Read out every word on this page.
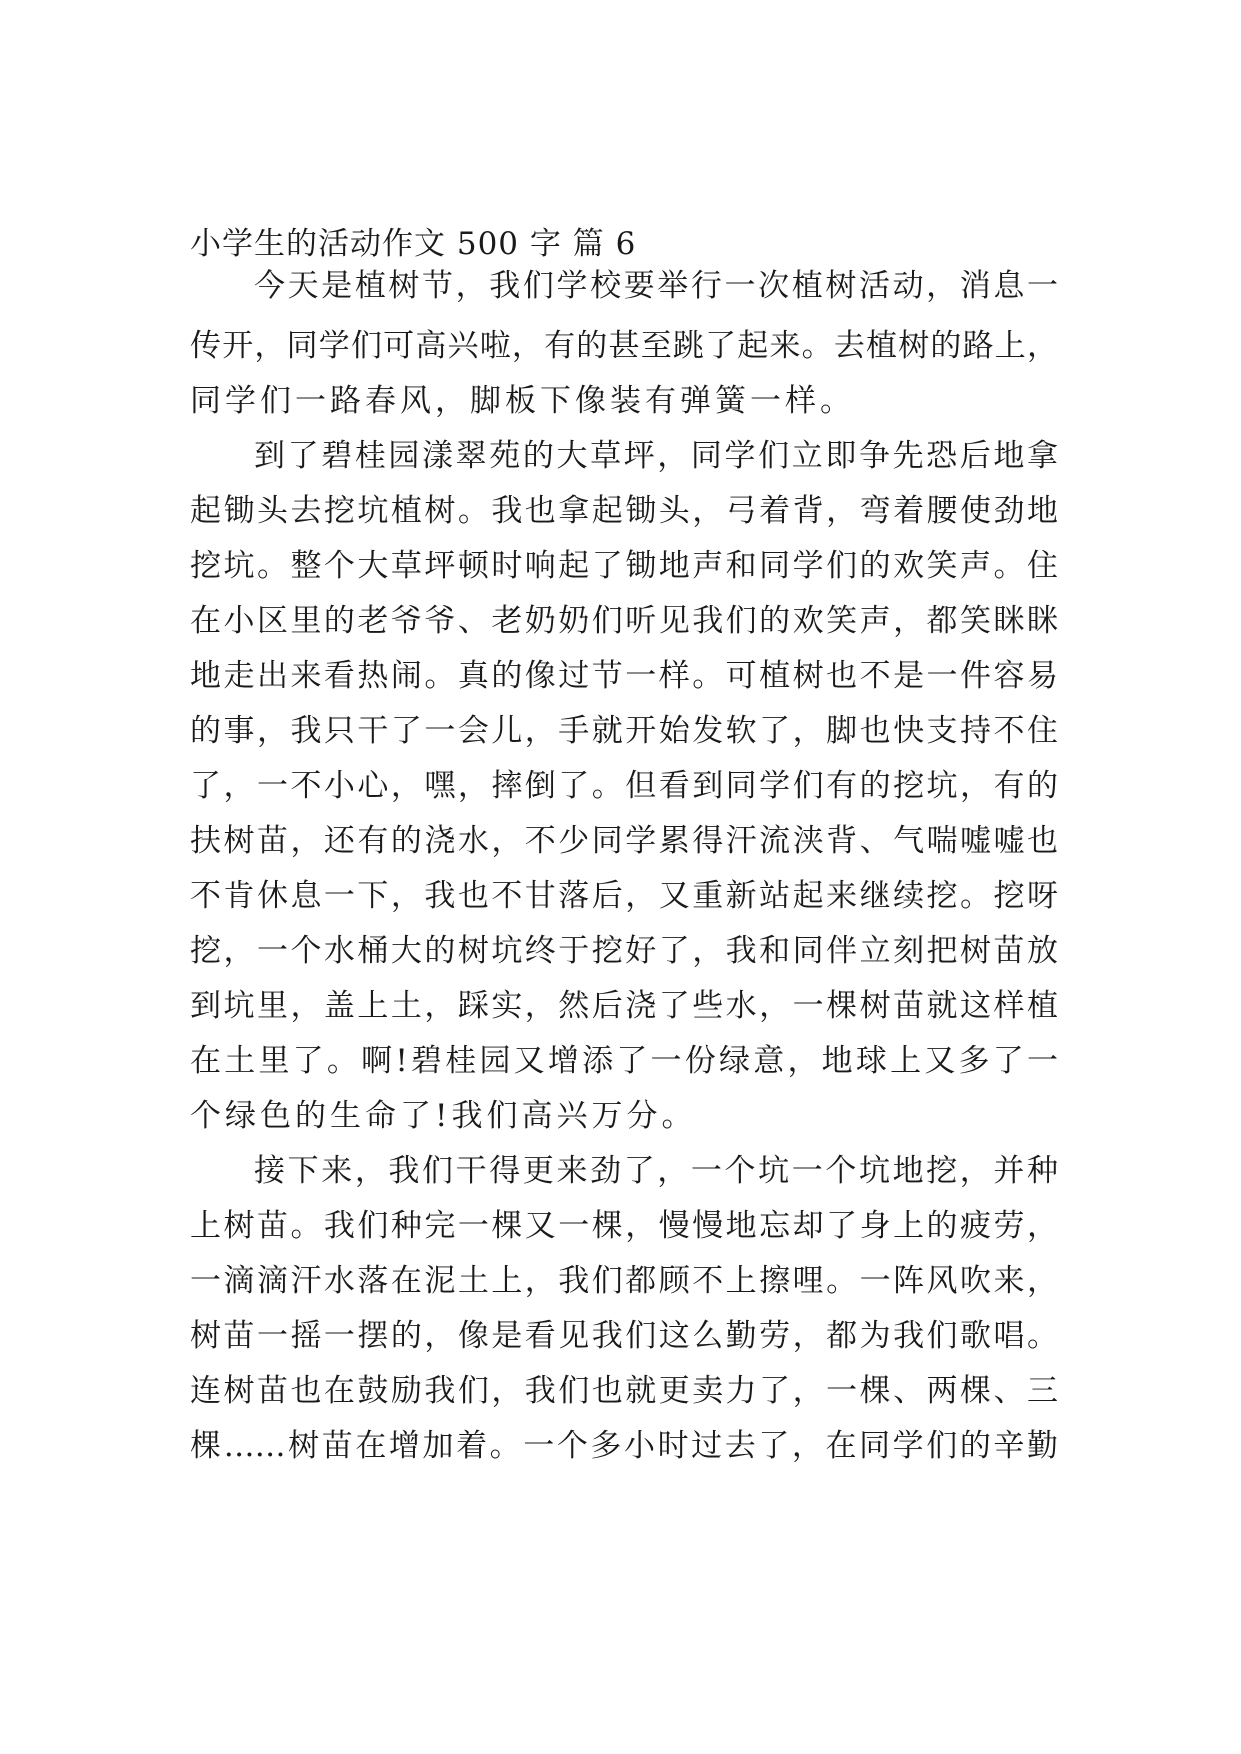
小学生的活动作文 500 字 篇 6
今天是植树节，我们学校要举行一次植树活动，消息一
传开，同学们可高兴啦，有的甚至跳了起来。去植树的路上，
同学们一路春风，脚板下像装有弹簧一样。
到了碧桂园漾翠苑的大草坪，同学们立即争先恐后地拿
起锄头去挖坑植树。我也拿起锄头，弓着背，弯着腰使劲地
挖坑。整个大草坪顿时响起了锄地声和同学们的欢笑声。住
在小区里的老爷爷、老奶奶们听见我们的欢笑声，都笑眯眯
地走出来看热闹。真的像过节一样。可植树也不是一件容易
的事，我只干了一会儿，手就开始发软了，脚也快支持不住
了，一不小心，嘿，摔倒了。但看到同学们有的挖坑，有的
扶树苗，还有的浇水，不少同学累得汗流浃背、气喘嘘嘘也
不肯休息一下，我也不甘落后，又重新站起来继续挖。挖呀
挖，一个水桶大的树坑终于挖好了，我和同伴立刻把树苗放
到坑里，盖上土，踩实，然后浇了些水，一棵树苗就这样植
在土里了。啊!碧桂园又增添了一份绿意，地球上又多了一
个绿色的生命了!我们高兴万分。
接下来，我们干得更来劲了，一个坑一个坑地挖，并种
上树苗。我们种完一棵又一棵，慢慢地忘却了身上的疲劳，
一滴滴汗水落在泥土上，我们都顾不上擦哩。一阵风吹来，
树苗一摇一摆的，像是看见我们这么勤劳，都为我们歌唱。
连树苗也在鼓励我们，我们也就更卖力了，一棵、两棵、三
棵……树苗在增加着。一个多小时过去了，在同学们的辛勤
